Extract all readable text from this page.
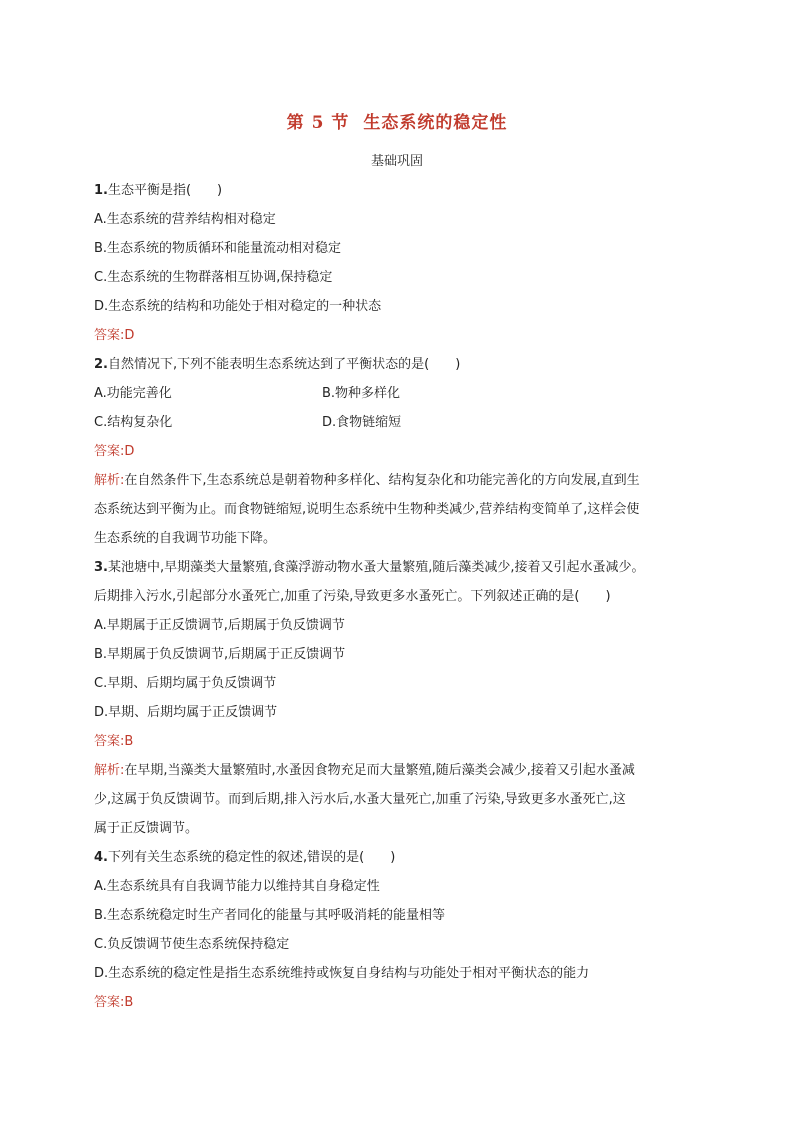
第 5 节 生态系统的稳定性
基础巩固
1.生态平衡是指(　　)
A.生态系统的营养结构相对稳定
B.生态系统的物质循环和能量流动相对稳定
C.生态系统的生物群落相互协调,保持稳定
D.生态系统的结构和功能处于相对稳定的一种状态
答案:D
2.自然情况下,下列不能表明生态系统达到了平衡状态的是(　　)
A.功能完善化	B.物种多样化
C.结构复杂化	D.食物链缩短
答案:D
解析:在自然条件下,生态系统总是朝着物种多样化、结构复杂化和功能完善化的方向发展,直到生
态系统达到平衡为止。而食物链缩短,说明生态系统中生物种类减少,营养结构变简单了,这样会使
生态系统的自我调节功能下降。
3.某池塘中,早期藻类大量繁殖,食藻浮游动物水蚤大量繁殖,随后藻类减少,接着又引起水蚤减少。
后期排入污水,引起部分水蚤死亡,加重了污染,导致更多水蚤死亡。下列叙述正确的是(　　)
A.早期属于正反馈调节,后期属于负反馈调节
B.早期属于负反馈调节,后期属于正反馈调节
C.早期、后期均属于负反馈调节
D.早期、后期均属于正反馈调节
答案:B
解析:在早期,当藻类大量繁殖时,水蚤因食物充足而大量繁殖,随后藻类会减少,接着又引起水蚤减
少,这属于负反馈调节。而到后期,排入污水后,水蚤大量死亡,加重了污染,导致更多水蚤死亡,这
属于正反馈调节。
4.下列有关生态系统的稳定性的叙述,错误的是(　　)
A.生态系统具有自我调节能力以维持其自身稳定性
B.生态系统稳定时生产者同化的能量与其呼吸消耗的能量相等
C.负反馈调节使生态系统保持稳定
D.生态系统的稳定性是指生态系统维持或恢复自身结构与功能处于相对平衡状态的能力
答案:B
